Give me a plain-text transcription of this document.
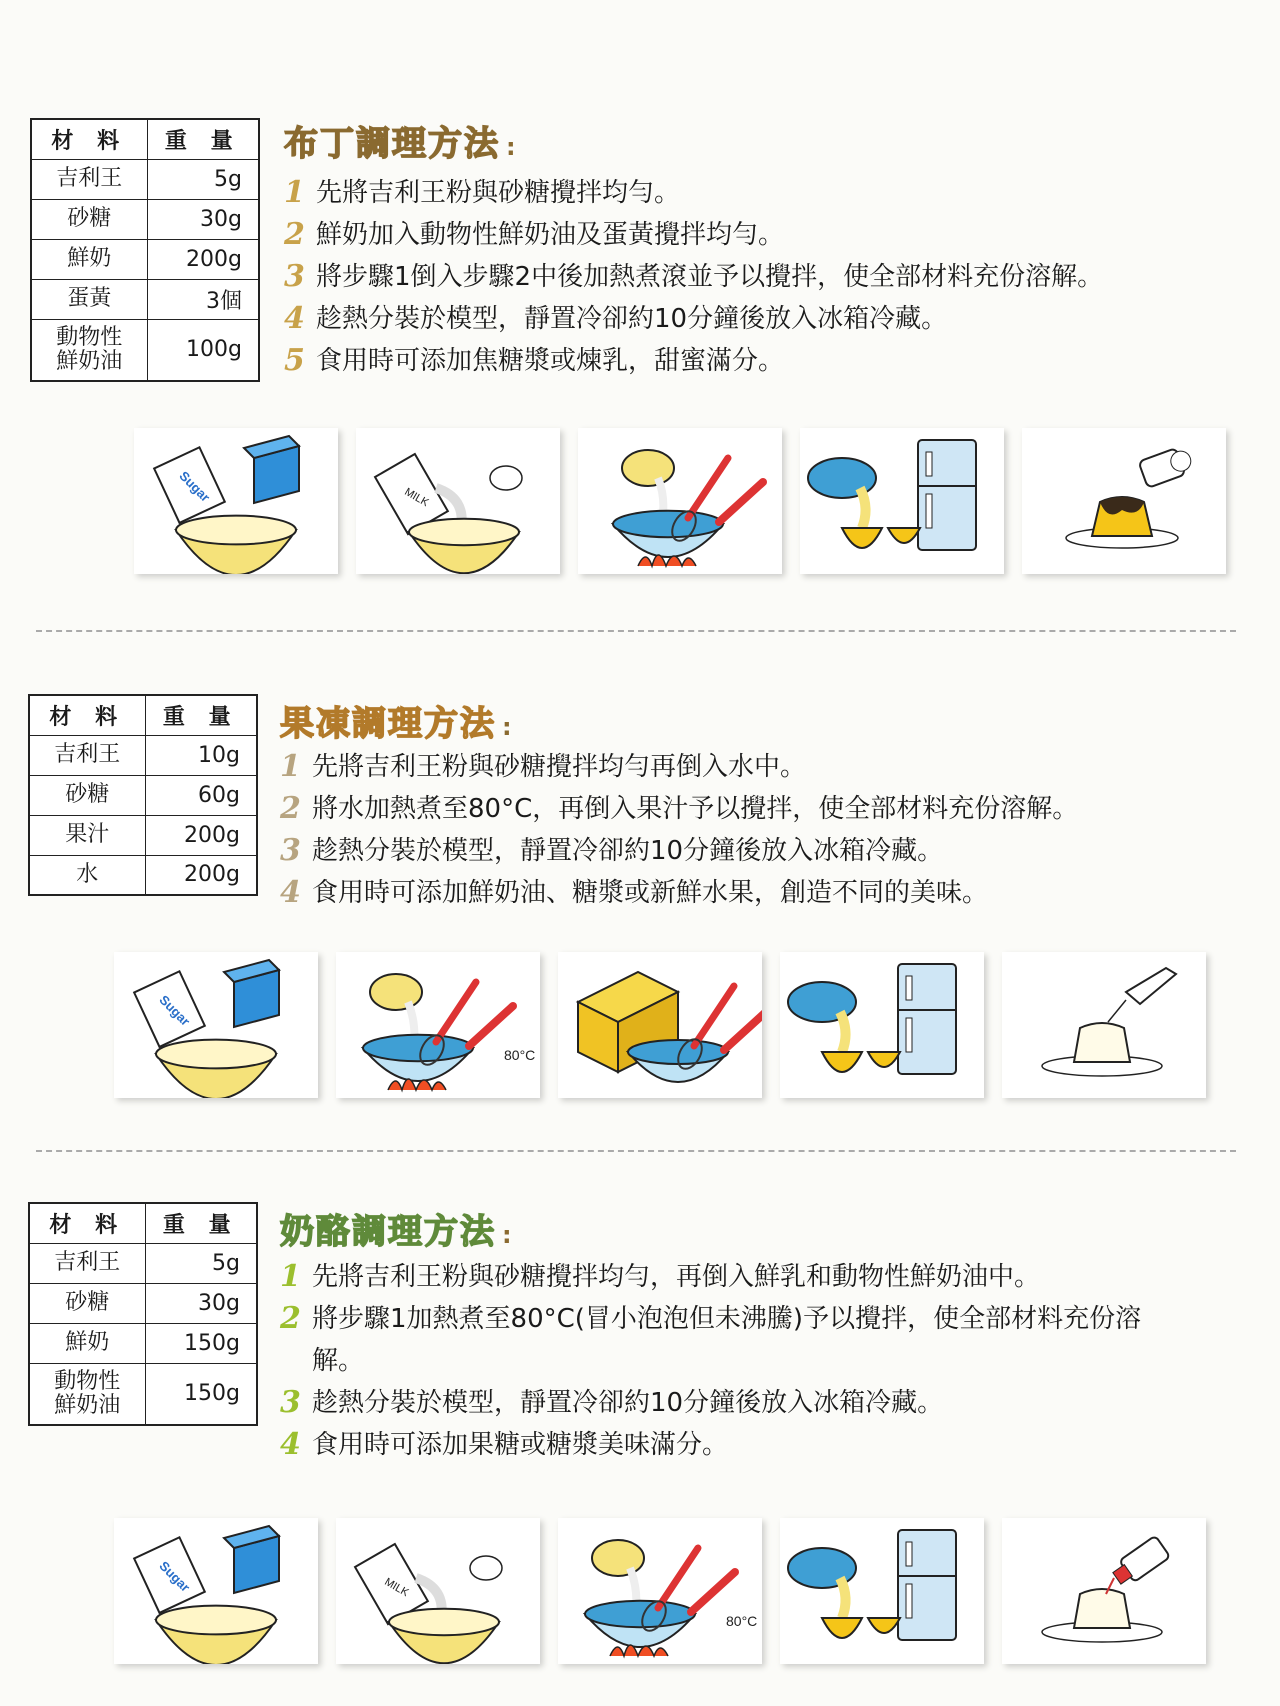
材 料	重 量
吉利王	5g
砂糖	30g
鮮奶	200g
蛋黃	3個
動物性
鮮奶油	100g
布丁調理方法 :
1 先將吉利王粉與砂糖攪拌均勻。
2 鮮奶加入動物性鮮奶油及蛋黃攪拌均勻。
3 將步驟1倒入步驟2中後加熱煮滾並予以攪拌，使全部材料充份溶解。
4 趁熱分裝於模型，靜置冷卻約10分鐘後放入冰箱冷藏。
5 食用時可添加焦糖漿或煉乳，甜蜜滿分。
Sugar	MILK
材 料	重 量
吉利王	10g
砂糖	60g
果汁	200g
水	200g
果凍調理方法 :
1 先將吉利王粉與砂糖攪拌均勻再倒入水中。
2 將水加熱煮至80°C，再倒入果汁予以攪拌，使全部材料充份溶解。
3 趁熱分裝於模型，靜置冷卻約10分鐘後放入冰箱冷藏。
4 食用時可添加鮮奶油、糖漿或新鮮水果，創造不同的美味。
Sugar
80°C
材 料	重 量
吉利王	5g
砂糖	30g
鮮奶	150g
動物性
鮮奶油	150g
奶酪調理方法 :
1 先將吉利王粉與砂糖攪拌均勻，再倒入鮮乳和動物性鮮奶油中。
2 將步驟1加熱煮至80°C(冒小泡泡但未沸騰)予以攪拌，使全部材料充份溶解。
3 趁熱分裝於模型，靜置冷卻約10分鐘後放入冰箱冷藏。
4 食用時可添加果糖或糖漿美味滿分。
Sugar	MILK
80°C
